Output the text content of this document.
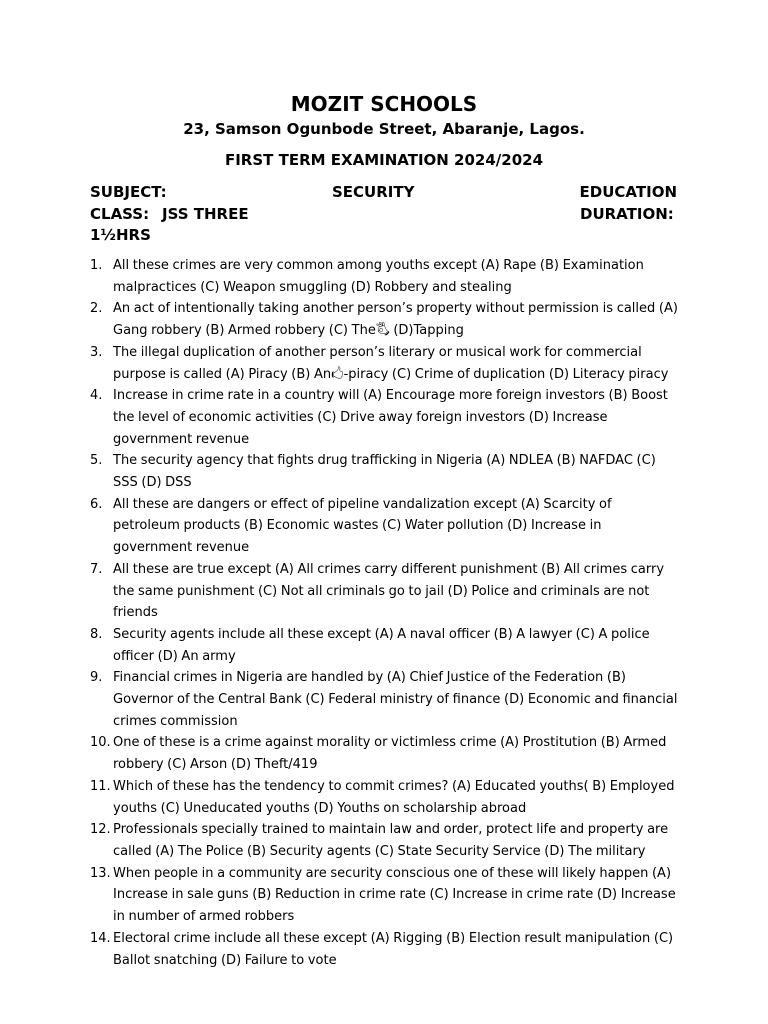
MOZIT SCHOOLS
23, Samson Ogunbode Street, Abaranje, Lagos.
FIRST TERM EXAMINATION 2024/2024
SUBJECT:	SECURITY	EDUCATION
CLASS: JSS THREE	DURATION:
1½HRS
1. All these crimes are very common among youths except (A) Rape (B) Examination malpractices (C) Weapon smuggling (D) Robbery and stealing
2. An act of intentionally taking another person’s property without permission is called (A) Gang robbery (B) Armed robbery (C) The🖏 (D)Tapping
3. The illegal duplication of another person’s literary or musical work for commercial purpose is called (A) Piracy (B) An🖒-piracy (C) Crime of duplication (D) Literacy piracy
4. Increase in crime rate in a country will (A) Encourage more foreign investors (B) Boost the level of economic activities (C) Drive away foreign investors (D) Increase government revenue
5. The security agency that fights drug trafficking in Nigeria (A) NDLEA (B) NAFDAC (C) SSS (D) DSS
6. All these are dangers or effect of pipeline vandalization except (A) Scarcity of petroleum products (B) Economic wastes (C) Water pollution (D) Increase in government revenue
7. All these are true except (A) All crimes carry different punishment (B) All crimes carry the same punishment (C) Not all criminals go to jail (D) Police and criminals are not friends
8. Security agents include all these except (A) A naval officer (B) A lawyer (C) A police officer (D) An army
9. Financial crimes in Nigeria are handled by (A) Chief Justice of the Federation (B) Governor of the Central Bank (C) Federal ministry of finance (D) Economic and financial crimes commission
10. One of these is a crime against morality or victimless crime (A) Prostitution (B) Armed robbery (C) Arson (D) Theft/419
11. Which of these has the tendency to commit crimes? (A) Educated youths( B) Employed youths (C) Uneducated youths (D) Youths on scholarship abroad
12. Professionals specially trained to maintain law and order, protect life and property are called (A) The Police (B) Security agents (C) State Security Service (D) The military
13. When people in a community are security conscious one of these will likely happen (A) Increase in sale guns (B) Reduction in crime rate (C) Increase in crime rate (D) Increase in number of armed robbers
14. Electoral crime include all these except (A) Rigging (B) Election result manipulation (C) Ballot snatching (D) Failure to vote
